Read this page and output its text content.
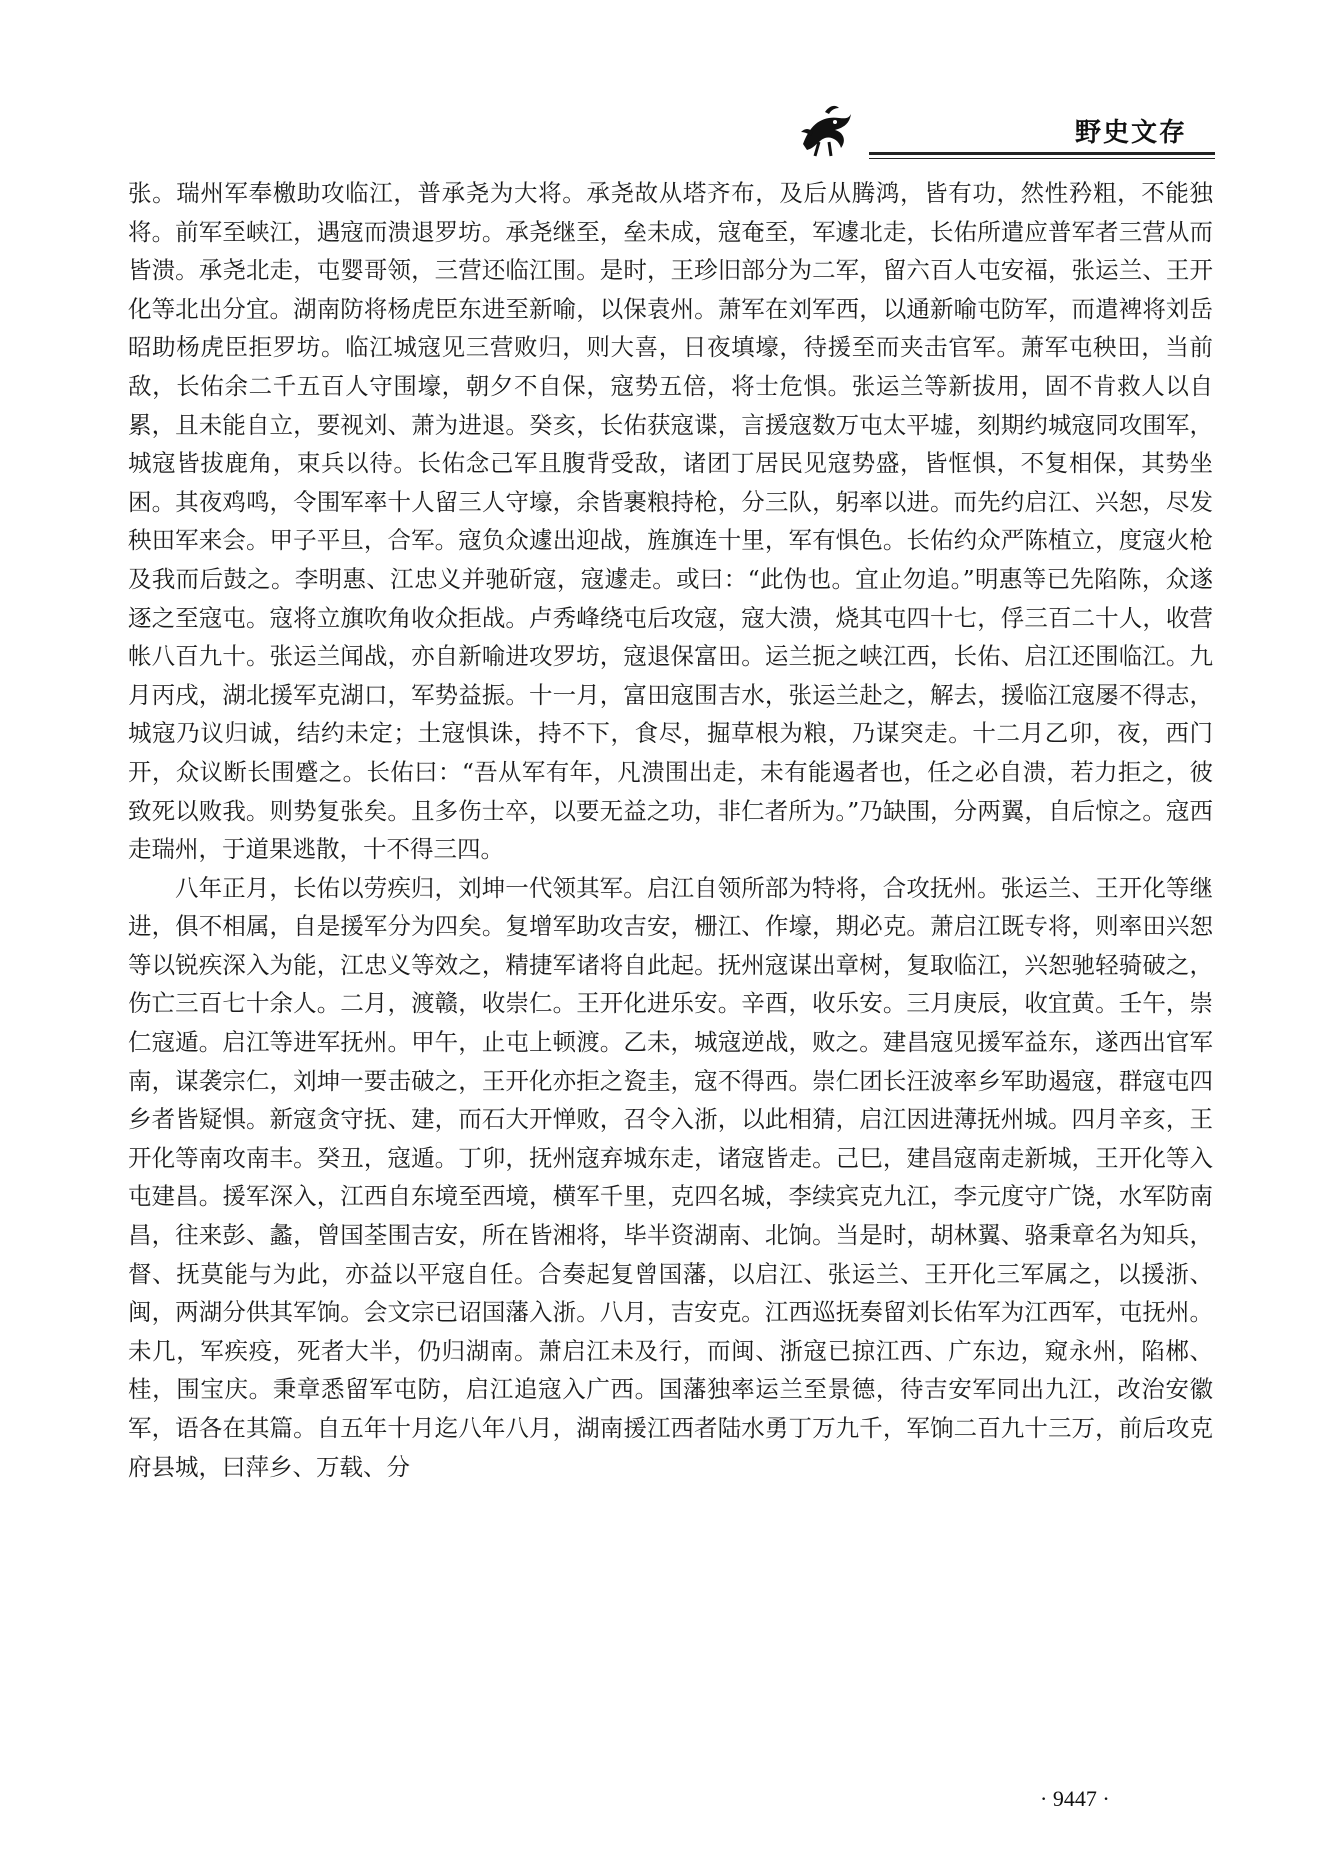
野史文存

张。瑞州军奉檄助攻临江，普承尧为大将。承尧故从塔齐布，及后从腾鸿，皆有功，然性矜粗，不能独将。前军至峡江，遇寇而溃退罗坊。承尧继至，垒未成，寇奄至，军遽北走，长佑所遣应普军者三营从而皆溃。承尧北走，屯婴哥领，三营还临江围。是时，王珍旧部分为二军，留六百人屯安福，张运兰、王开化等北出分宜。湖南防将杨虎臣东进至新喻，以保袁州。萧军在刘军西，以通新喻屯防军，而遣裨将刘岳昭助杨虎臣拒罗坊。临江城寇见三营败归，则大喜，日夜填壕，待援至而夹击官军。萧军屯秧田，当前敌，长佑余二千五百人守围壕，朝夕不自保，寇势五倍，将士危惧。张运兰等新拔用，固不肯救人以自累，且未能自立，要视刘、萧为进退。癸亥，长佑获寇谍，言援寇数万屯太平墟，刻期约城寇同攻围军，城寇皆拔鹿角，束兵以待。长佑念己军且腹背受敌，诸团丁居民见寇势盛，皆恇惧，不复相保，其势坐困。其夜鸡鸣，令围军率十人留三人守壕，余皆裹粮持枪，分三队，躬率以进。而先约启江、兴恕，尽发秧田军来会。甲子平旦，合军。寇负众遽出迎战，旌旗连十里，军有惧色。长佑约众严陈植立，度寇火枪及我而后鼓之。李明惠、江忠义并驰斫寇，寇遽走。或曰：“此伪也。宜止勿追。”明惠等已先陷陈，众遂逐之至寇屯。寇将立旗吹角收众拒战。卢秀峰绕屯后攻寇，寇大溃，烧其屯四十七，俘三百二十人，收营帐八百九十。张运兰闻战，亦自新喻进攻罗坊，寇退保富田。运兰扼之峡江西，长佑、启江还围临江。九月丙戌，湖北援军克湖口，军势益振。十一月，富田寇围吉水，张运兰赴之，解去，援临江寇屡不得志，城寇乃议归诚，结约未定；土寇惧诛，持不下，食尽，掘草根为粮，乃谋突走。十二月乙卯，夜，西门开，众议断长围蹙之。长佑曰：“吾从军有年，凡溃围出走，未有能遏者也，任之必自溃，若力拒之，彼致死以败我。则势复张矣。且多伤士卒，以要无益之功，非仁者所为。”乃缺围，分两翼，自后惊之。寇西走瑞州，于道果逃散，十不得三四。

八年正月，长佑以劳疾归，刘坤一代领其军。启江自领所部为特将，合攻抚州。张运兰、王开化等继进，俱不相属，自是援军分为四矣。复增军助攻吉安，栅江、作壕，期必克。萧启江既专将，则率田兴恕等以锐疾深入为能，江忠义等效之，精捷军诸将自此起。抚州寇谋出章树，复取临江，兴恕驰轻骑破之，伤亡三百七十余人。二月，渡赣，收崇仁。王开化进乐安。辛酉，收乐安。三月庚辰，收宜黄。壬午，崇仁寇遁。启江等进军抚州。甲午，止屯上顿渡。乙未，城寇逆战，败之。建昌寇见援军益东，遂西出官军南，谋袭宗仁，刘坤一要击破之，王开化亦拒之瓷圭，寇不得西。崇仁团长汪波率乡军助遏寇，群寇屯四乡者皆疑惧。新寇贪守抚、建，而石大开惮败，召令入浙，以此相猜，启江因进薄抚州城。四月辛亥，王开化等南攻南丰。癸丑，寇遁。丁卯，抚州寇弃城东走，诸寇皆走。己巳，建昌寇南走新城，王开化等入屯建昌。援军深入，江西自东境至西境，横军千里，克四名城，李续宾克九江，李元度守广饶，水军防南昌，往来彭、蠡，曾国荃围吉安，所在皆湘将，毕半资湖南、北饷。当是时，胡林翼、骆秉章名为知兵，督、抚莫能与为此，亦益以平寇自任。合奏起复曾国藩，以启江、张运兰、王开化三军属之，以援浙、闽，两湖分供其军饷。会文宗已诏国藩入浙。八月，吉安克。江西巡抚奏留刘长佑军为江西军，屯抚州。未几，军疾疫，死者大半，仍归湖南。萧启江未及行，而闽、浙寇已掠江西、广东边，窥永州，陷郴、桂，围宝庆。秉章悉留军屯防，启江追寇入广西。国藩独率运兰至景德，待吉安军同出九江，改治安徽军，语各在其篇。自五年十月迄八年八月，湖南援江西者陆水勇丁万九千，军饷二百九十三万，前后攻克府县城，曰萍乡、万载、分

· 9447 ·
